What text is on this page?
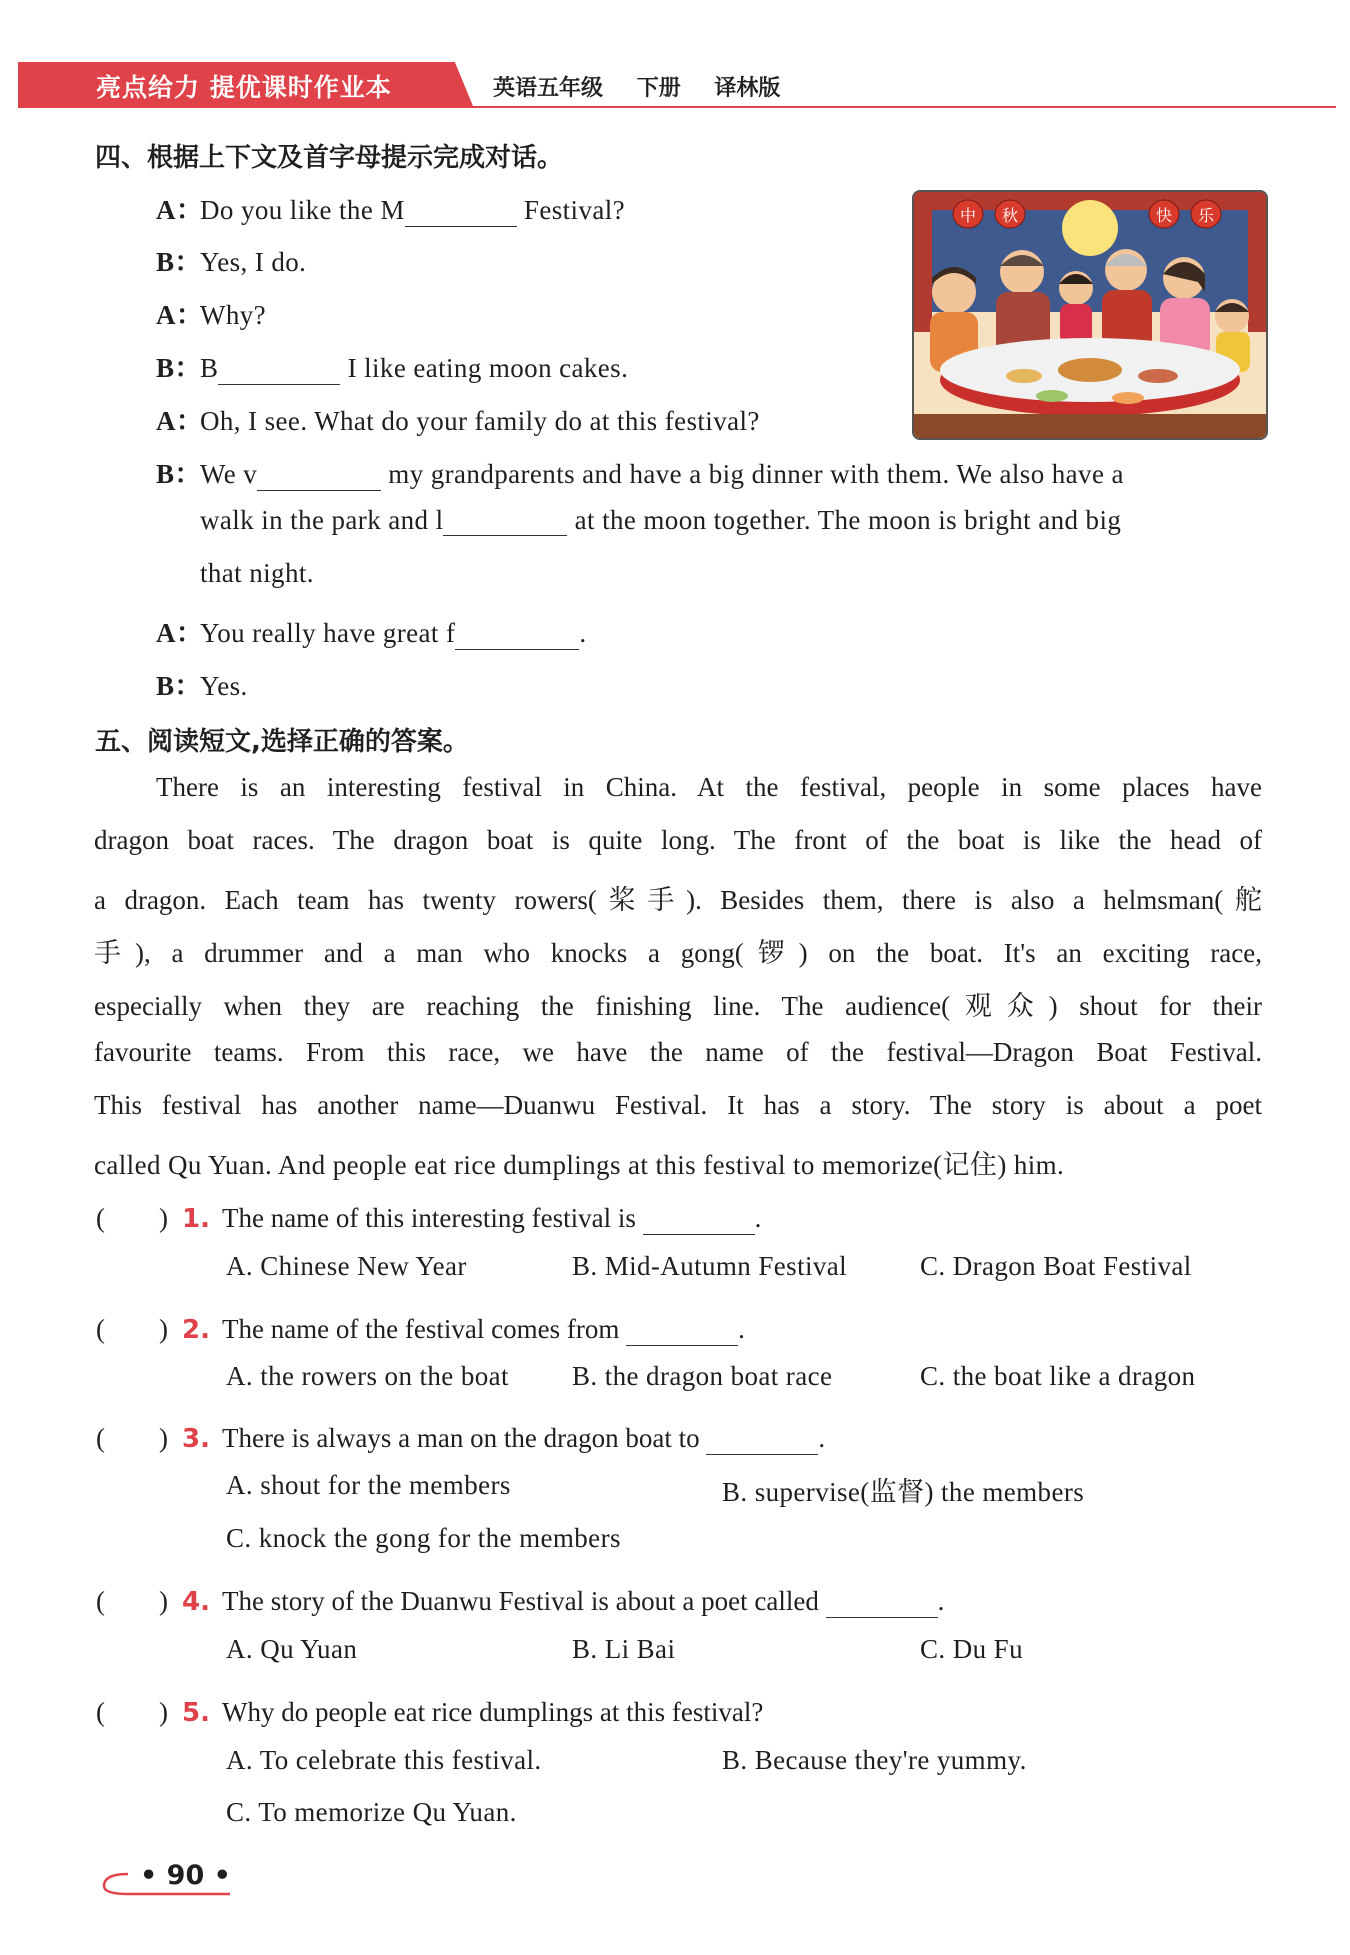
亮点给力 提优课时作业本	英语五年级 下册 译林版
四、根据上下文及首字母提示完成对话。
A：Do you like the M	Festival?
B：Yes, I do.
A：Why?
B：B	I like eating moon cakes.
A：Oh, I see. What do your family do at this festival?
B：We v	my grandparents and have a big dinner with them. We also have a
walk in the park and l	at the moon together. The moon is bright and big
that night.
A：You really have great f	.
B：Yes.
中 秋	快 乐
五、阅读短文,选择正确的答案。
There is an interesting festival in China. At the festival, people in some places have
dragon boat races. The dragon boat is quite long. The front of the boat is like the head of
a dragon. Each team has twenty rowers(桨手). Besides them, there is also a helmsman(舵
手), a drummer and a man who knocks a gong(锣) on the boat. It's an exciting race,
especially when they are reaching the finishing line. The audience(观众) shout for their
favourite teams. From this race, we have the name of the festival—Dragon Boat Festival.
This festival has another name—Duanwu Festival. It has a story. The story is about a poet
called Qu Yuan. And people eat rice dumplings at this festival to memorize(记住) him.
(　　) 1. The name of this interesting festival is	.
A. Chinese New Year	B. Mid-Autumn Festival	C. Dragon Boat Festival
(　　) 2. The name of the festival comes from	.
A. the rowers on the boat B. the dragon boat race	C. the boat like a dragon
(　　) 3. There is always a man on the dragon boat to	.
A. shout for the members	B. supervise(监督) the members
C. knock the gong for the members
(　　) 4. The story of the Duanwu Festival is about a poet called	.
A. Qu Yuan	B. Li Bai	C. Du Fu
(　　) 5. Why do people eat rice dumplings at this festival?
A. To celebrate this festival.	B. Because they're yummy.
C. To memorize Qu Yuan.
• 90 •
